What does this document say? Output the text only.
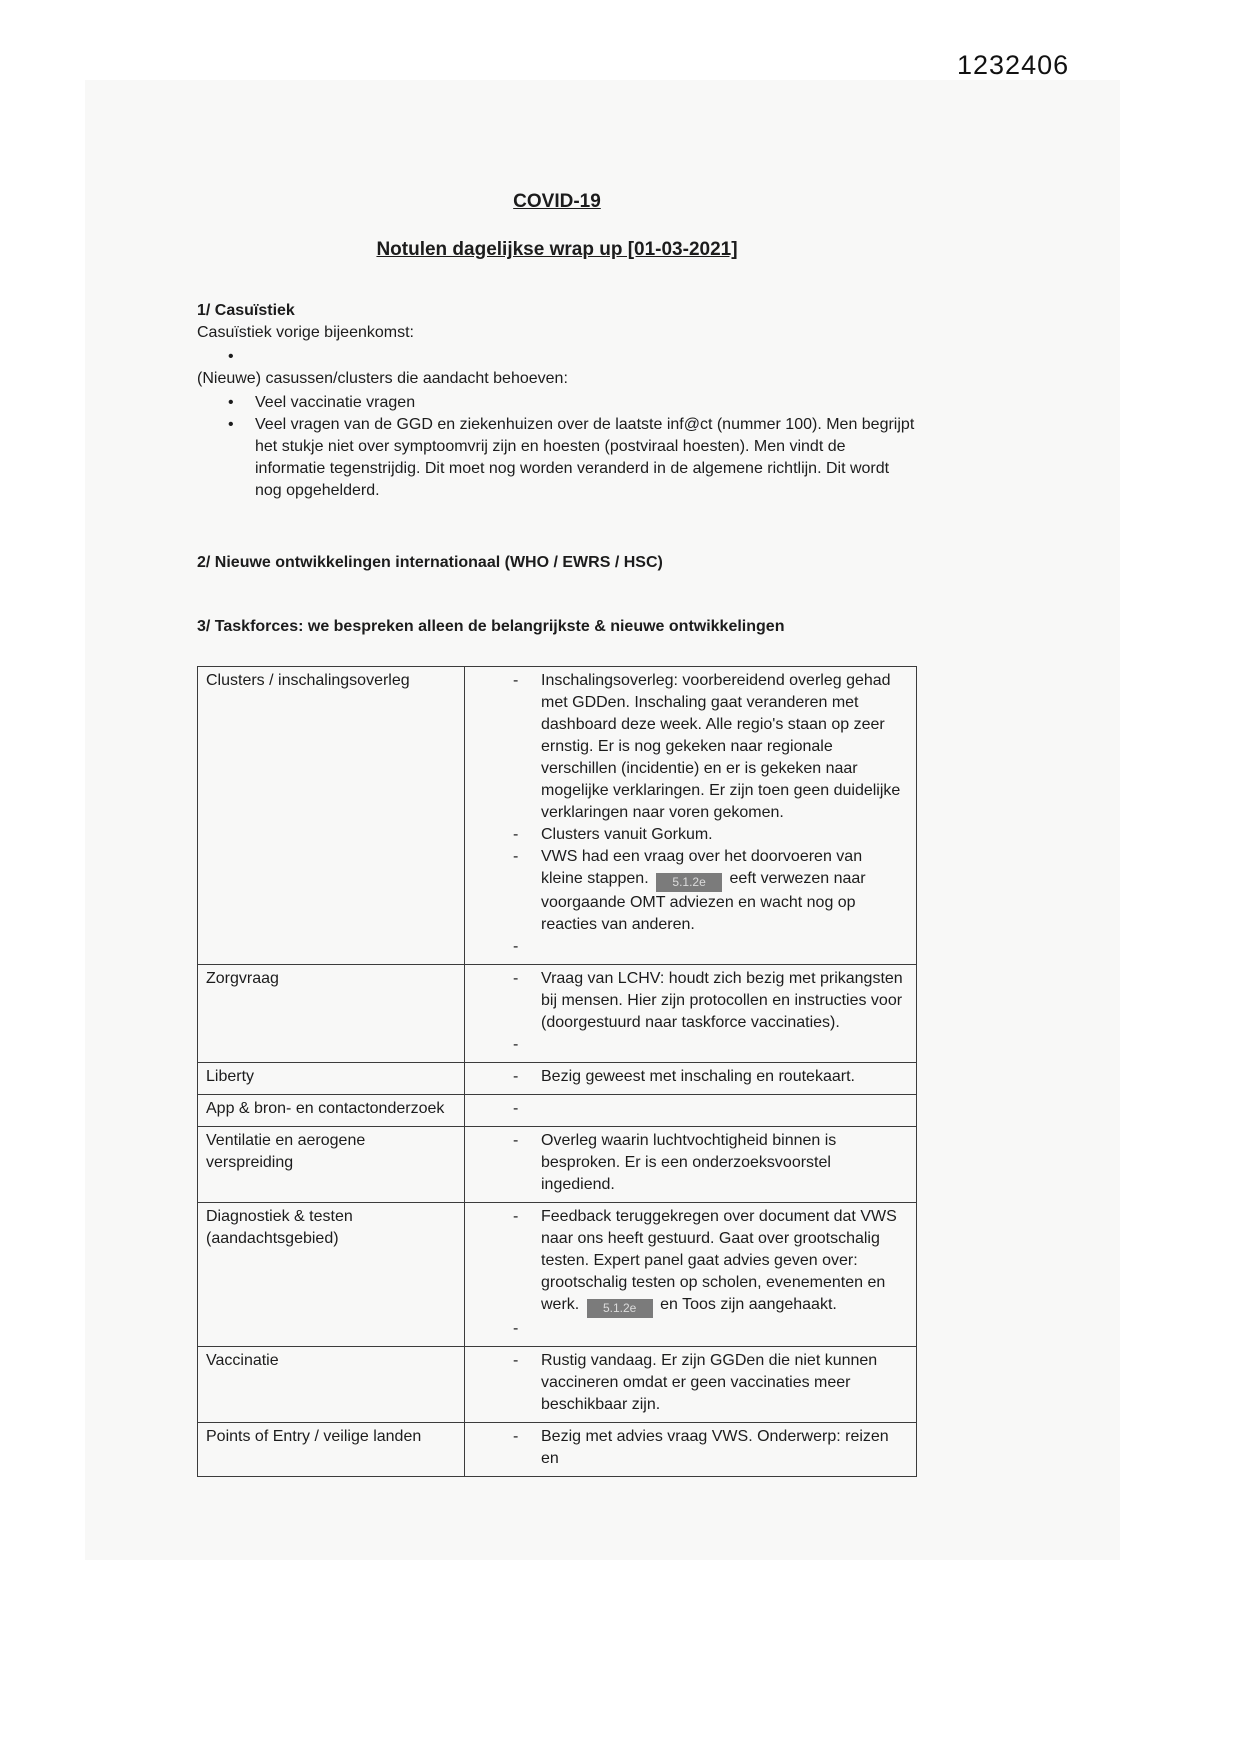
1232406
COVID-19
Notulen dagelijkse wrap up [01-03-2021]

1/ Casuïstiek

Casuïstiek vorige bijeenkomst:

•

(Nieuwe) casussen/clusters die aandacht behoeven:

•	Veel vaccinatie vragen
•	Veel vragen van de GGD en ziekenhuizen over de laatste inf@ct (nummer 100). Men begrijpt het stukje niet over symptoomvrij zijn en hoesten (postviraal hoesten). Men vindt de informatie tegenstrijdig. Dit moet nog worden veranderd in de algemene richtlijn. Dit wordt nog opgehelderd.

2/ Nieuwe ontwikkelingen internationaal (WHO / EWRS / HSC)

3/ Taskforces: we bespreken alleen de belangrijkste & nieuwe ontwikkelingen

Clusters / inschalingsoverleg	-	Inschalingsoverleg: voorbereidend overleg gehad met GDDen. Inschaling gaat veranderen met dashboard deze week. Alle regio's staan op zeer ernstig. Er is nog gekeken naar regionale verschillen (incidentie) en er is gekeken naar mogelijke verklaringen. Er zijn toen geen duidelijke verklaringen naar voren gekomen.
-	Clusters vanuit Gorkum.
-	VWS had een vraag over het doorvoeren van kleine stappen. 5.1.2e eeft verwezen naar voorgaande OMT adviezen en wacht nog op reacties van anderen.
-

Zorgvraag	- Vraag van LCHV: houdt zich bezig met prikangsten bij mensen. Hier zijn protocollen en instructies voor (doorgestuurd naar taskforce vaccinaties).
-

Liberty	- Bezig geweest met inschaling en routekaart.

App & bron- en contactonderzoek	-

Ventilatie en aerogene verspreiding	- Overleg waarin luchtvochtigheid binnen is besproken. Er is een onderzoeksvoorstel ingediend.

Diagnostiek & testen (aandachtsgebied)	- Feedback teruggekregen over document dat VWS naar ons heeft gestuurd. Gaat over grootschalig testen. Expert panel gaat advies geven over: grootschalig testen op scholen, evenementen en werk. 5.1.2e en Toos zijn aangehaakt.
-

Vaccinatie	- Rustig vandaag. Er zijn GGDen die niet kunnen vaccineren omdat er geen vaccinaties meer beschikbaar zijn.

Points of Entry / veilige landen	- Bezig met advies vraag VWS. Onderwerp: reizen en
